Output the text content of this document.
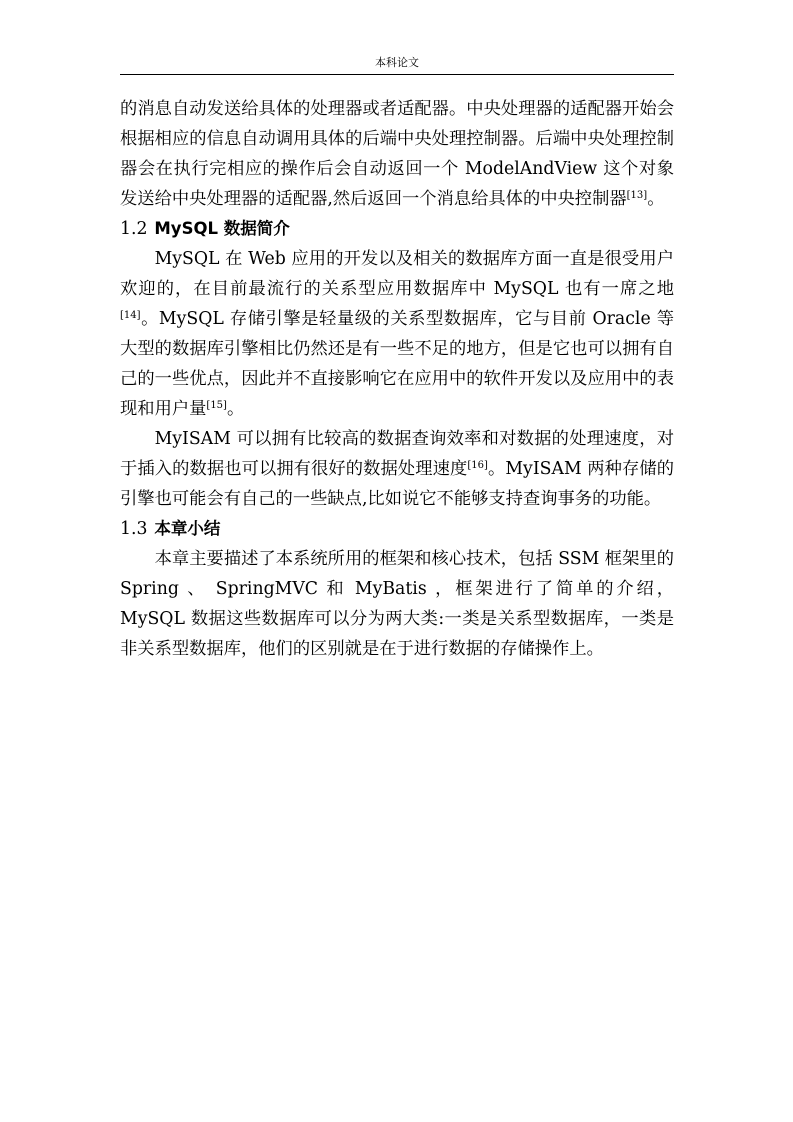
本科论文

的消息自动发送给具体的处理器或者适配器。中央处理器的适配器开始会根据相应的信息自动调用具体的后端中央处理控制器。后端中央处理控制器会在执行完相应的操作后会自动返回一个 ModelAndView 这个对象发送给中央处理器的适配器,然后返回一个消息给具体的中央控制器[13]。

1.2 MySQL 数据简介

MySQL 在 Web 应用的开发以及相关的数据库方面一直是很受用户欢迎的，在目前最流行的关系型应用数据库中 MySQL 也有一席之地[14]。MySQL 存储引擎是轻量级的关系型数据库，它与目前 Oracle 等大型的数据库引擎相比仍然还是有一些不足的地方，但是它也可以拥有自己的一些优点，因此并不直接影响它在应用中的软件开发以及应用中的表现和用户量[15]。

MyISAM 可以拥有比较高的数据查询效率和对数据的处理速度，对于插入的数据也可以拥有很好的数据处理速度[16]。MyISAM 两种存储的引擎也可能会有自己的一些缺点,比如说它不能够支持查询事务的功能。

1.3 本章小结

本章主要描述了本系统所用的框架和核心技术，包括 SSM 框架里的 Spring 、 SpringMVC 和 MyBatis ，框架进行了简单的介绍，MySQL 数据这些数据库可以分为两大类:一类是关系型数据库，一类是非关系型数据库，他们的区别就是在于进行数据的存储操作上。
